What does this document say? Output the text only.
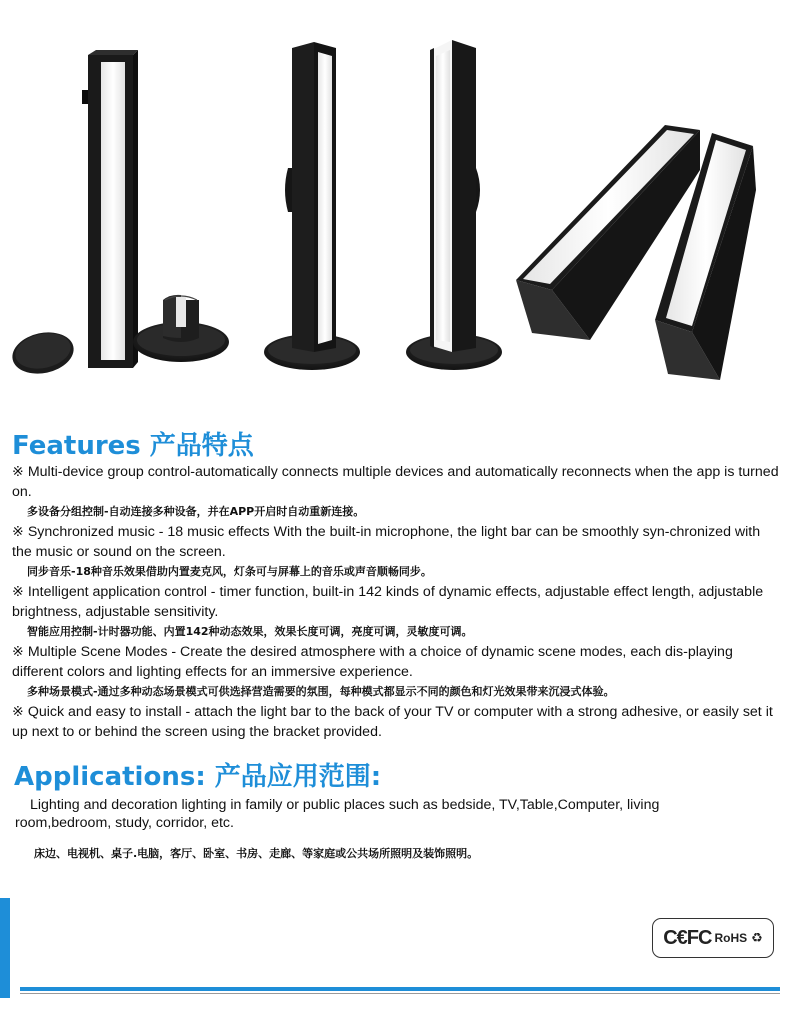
Features 产品特点

※ Multi-device group control-automatically connects multiple devices and automatically reconnects when the app is turned on.

多设备分组控制-自动连接多种设备，并在APP开启时自动重新连接。

※ Synchronized music - 18 music effects With the built-in microphone, the light bar can be smoothly syn-chronized with the music or sound on the screen.

同步音乐-18种音乐效果借助内置麦克风，灯条可与屏幕上的音乐或声音顺畅同步。

※ Intelligent application control - timer function, built-in 142 kinds of dynamic effects, adjustable effect length, adjustable brightness, adjustable sensitivity.

智能应用控制-计时器功能、内置142种动态效果，效果长度可调，亮度可调，灵敏度可调。

※ Multiple Scene Modes - Create the desired atmosphere with a choice of dynamic scene modes, each dis-playing different colors and lighting effects for an immersive experience.

多种场景模式-通过多种动态场景模式可供选择营造需要的氛围，每种模式都显示不同的颜色和灯光效果带来沉浸式体验。

※ Quick and easy to install - attach the light bar to the back of your TV or computer with a strong adhesive, or easily set it up next to or behind the screen using the bracket provided.

Applications: 产品应用范围:

Lighting and decoration lighting in family or public places such as bedside, TV,Table,Computer, living room,bedroom, study, corridor, etc.

床边、电视机、桌子.电脑，客厅、卧室、书房、走廊、等家庭或公共场所照明及装饰照明。

C€FC RoHS ♻
